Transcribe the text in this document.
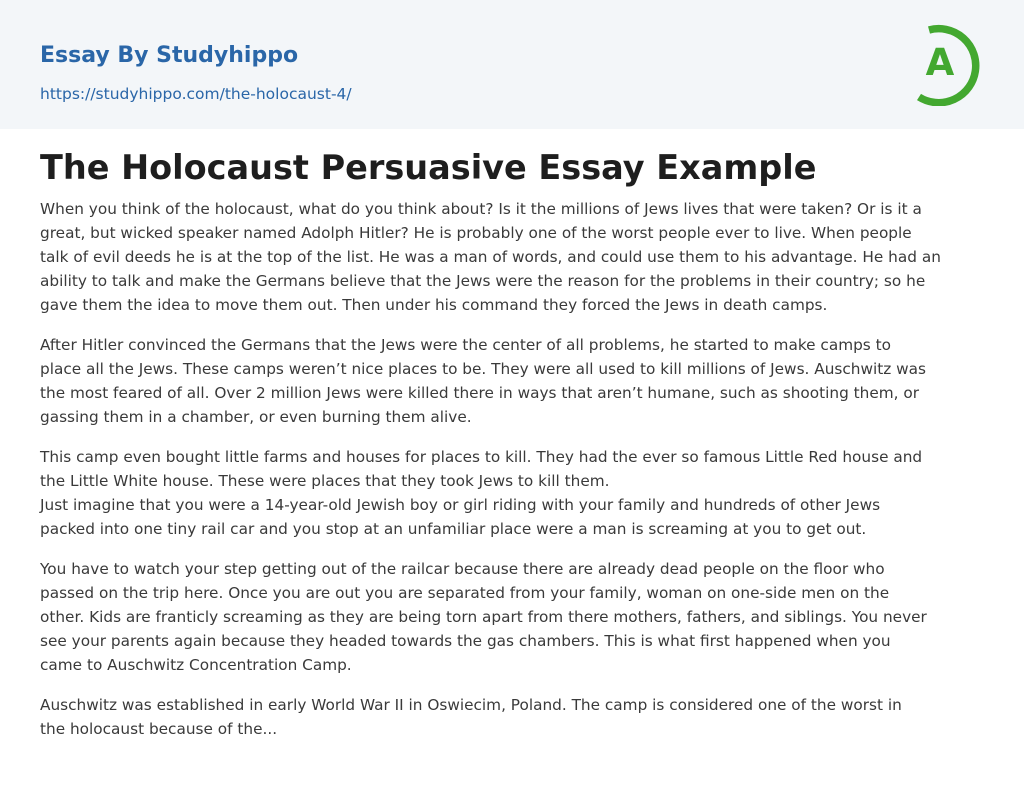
Essay By Studyhippo
https://studyhippo.com/the-holocaust-4/
A
The Holocaust Persuasive Essay Example
When you think of the holocaust, what do you think about? Is it the millions of Jews lives that were taken? Or is it a
great, but wicked speaker named Adolph Hitler? He is probably one of the worst people ever to live. When people
talk of evil deeds he is at the top of the list. He was a man of words, and could use them to his advantage. He had an
ability to talk and make the Germans believe that the Jews were the reason for the problems in their country; so he
gave them the idea to move them out. Then under his command they forced the Jews in death camps.
After Hitler convinced the Germans that the Jews were the center of all problems, he started to make camps to
place all the Jews. These camps weren’t nice places to be. They were all used to kill millions of Jews. Auschwitz was
the most feared of all. Over 2 million Jews were killed there in ways that aren’t humane, such as shooting them, or
gassing them in a chamber, or even burning them alive.
This camp even bought little farms and houses for places to kill. They had the ever so famous Little Red house and
the Little White house. These were places that they took Jews to kill them.
Just imagine that you were a 14-year-old Jewish boy or girl riding with your family and hundreds of other Jews
packed into one tiny rail car and you stop at an unfamiliar place were a man is screaming at you to get out.
You have to watch your step getting out of the railcar because there are already dead people on the floor who
passed on the trip here. Once you are out you are separated from your family, woman on one-side men on the
other. Kids are franticly screaming as they are being torn apart from there mothers, fathers, and siblings. You never
see your parents again because they headed towards the gas chambers. This is what first happened when you
came to Auschwitz Concentration Camp.
Auschwitz was established in early World War II in Oswiecim, Poland. The camp is considered one of the worst in
the holocaust because of the...
